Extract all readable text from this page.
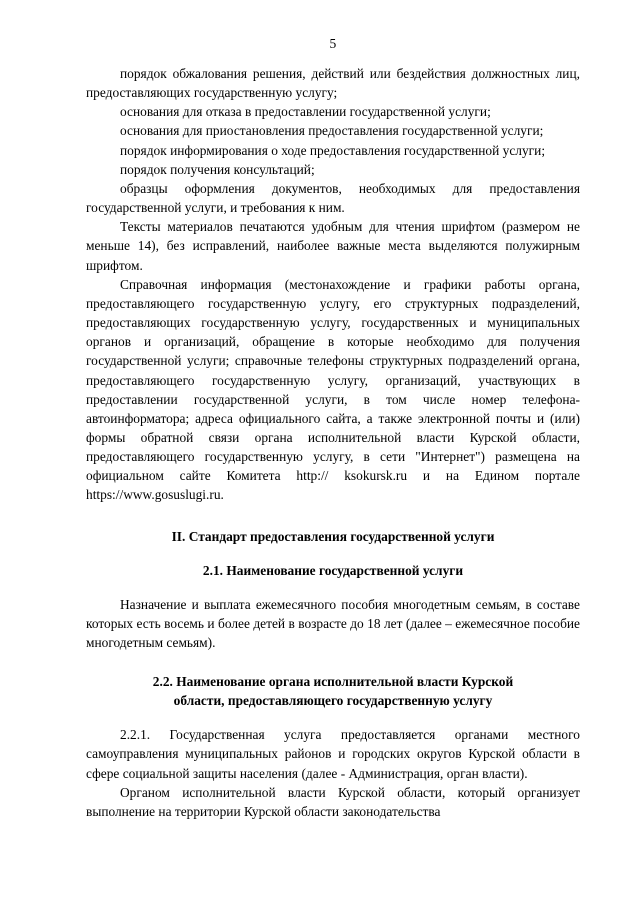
5

порядок обжалования решения, действий или бездействия должностных лиц, предоставляющих государственную услугу;

основания для отказа в предоставлении государственной услуги;

основания для приостановления предоставления государственной услуги;

порядок информирования о ходе предоставления государственной услуги;

порядок получения консультаций;

образцы оформления документов, необходимых для предоставления государственной услуги, и требования к ним.

Тексты материалов печатаются удобным для чтения шрифтом (размером не меньше 14), без исправлений, наиболее важные места выделяются полужирным шрифтом.

Справочная информация (местонахождение и графики работы органа, предоставляющего государственную услугу, его структурных подразделений, предоставляющих государственную услугу, государственных и муниципальных органов и организаций, обращение в которые необходимо для получения государственной услуги; справочные телефоны структурных подразделений органа, предоставляющего государственную услугу, организаций, участвующих в предоставлении государственной услуги, в том числе номер телефона-автоинформатора; адреса официального сайта, а также электронной почты и (или) формы обратной связи органа исполнительной власти Курской области, предоставляющего государственную услугу, в сети "Интернет") размещена на официальном сайте Комитета http:// ksokursk.ru и на Едином портале https://www.gosuslugi.ru.

II. Стандарт предоставления государственной услуги
2.1. Наименование государственной услуги

Назначение и выплата ежемесячного пособия многодетным семьям, в составе которых есть восемь и более детей в возрасте до 18 лет (далее – ежемесячное пособие многодетным семьям).

2.2. Наименование органа исполнительной власти Курской
области, предоставляющего государственную услугу

2.2.1. Государственная услуга предоставляется органами местного самоуправления муниципальных районов и городских округов Курской области в сфере социальной защиты населения (далее - Администрация, орган власти).

Органом исполнительной власти Курской области, который организует выполнение на территории Курской области законодательства
